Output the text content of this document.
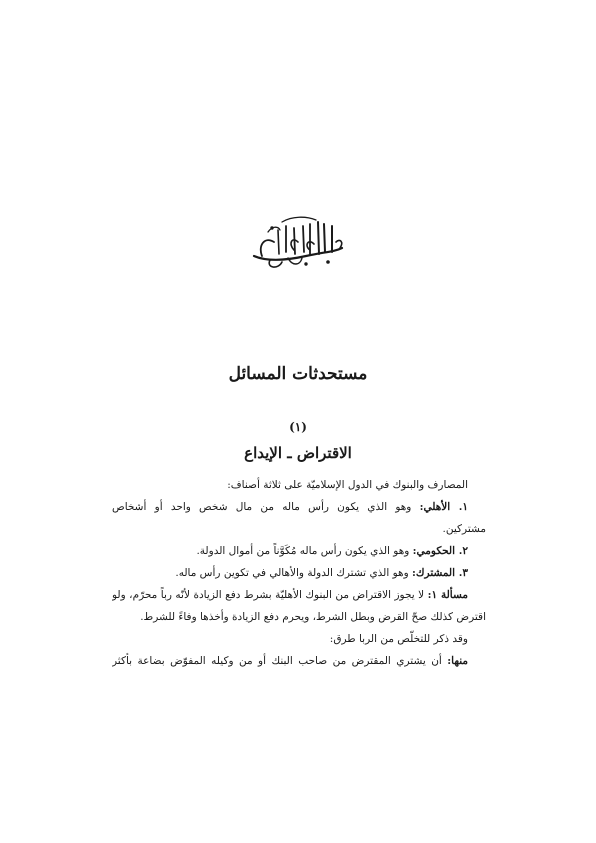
مستحدثات المسائل
(١)
الاقتراض ـ الإيداع
المصارف والبنوك في الدول الإسلاميّة على ثلاثة أصناف:
١. الأهلي: وهو الذي يكون رأس ماله من مال شخص واحد أو أشخاص
مشتركين.
٢. الحكومي: وهو الذي يكون رأس ماله مُكَوَّناً من أموال الدولة.
٣. المشترك: وهو الذي تشترك الدولة والأهالي في تكوين رأس ماله.
مسألة ١: لا يجوز الاقتراض من البنوك الأهليّة بشرط دفع الزيادة لأنّه رباً محرّم، ولو
اقترض كذلك صحّ القرض وبطل الشرط، ويحرم دفع الزيادة وأخذها وفاءً للشرط.
وقد ذكر للتخلّص من الربا طرق:
منها: أن يشتري المقترض من صاحب البنك أو من وكيله المفوّض بضاعة بأكثر
